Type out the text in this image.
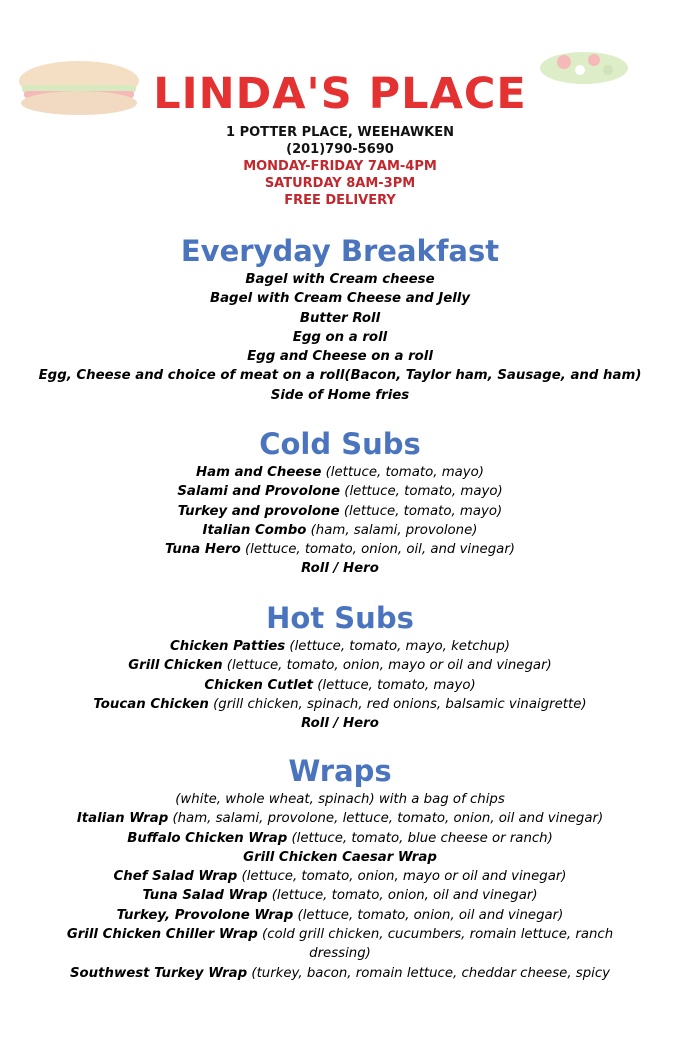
LINDA'S PLACE
1 POTTER PLACE, WEEHAWKEN
(201)790-5690
MONDAY-FRIDAY 7AM-4PM
SATURDAY 8AM-3PM
FREE DELIVERY
Everyday Breakfast
Bagel with Cream cheese
Bagel with Cream Cheese and Jelly
Butter Roll
Egg on a roll
Egg and Cheese on a roll
Egg, Cheese and choice of meat on a roll(Bacon, Taylor ham, Sausage, and ham)
Side of Home fries
Cold Subs
Ham and Cheese (lettuce, tomato, mayo)
Salami and Provolone (lettuce, tomato, mayo)
Turkey and provolone (lettuce, tomato, mayo)
Italian Combo (ham, salami, provolone)
Tuna Hero (lettuce, tomato, onion, oil, and vinegar)
Roll / Hero
Hot Subs
Chicken Patties (lettuce, tomato, mayo, ketchup)
Grill Chicken (lettuce, tomato, onion, mayo or oil and vinegar)
Chicken Cutlet (lettuce, tomato, mayo)
Toucan Chicken (grill chicken, spinach, red onions, balsamic vinaigrette)
Roll / Hero
Wraps
(white, whole wheat, spinach) with a bag of chips
Italian Wrap (ham, salami, provolone, lettuce, tomato, onion, oil and vinegar)
Buffalo Chicken Wrap (lettuce, tomato, blue cheese or ranch)
Grill Chicken Caesar Wrap
Chef Salad Wrap (lettuce, tomato, onion, mayo or oil and vinegar)
Tuna Salad Wrap (lettuce, tomato, onion, oil and vinegar)
Turkey, Provolone Wrap (lettuce, tomato, onion, oil and vinegar)
Grill Chicken Chiller Wrap (cold grill chicken, cucumbers, romain lettuce, ranch dressing)
Southwest Turkey Wrap (turkey, bacon, romain lettuce, cheddar cheese, spicy
